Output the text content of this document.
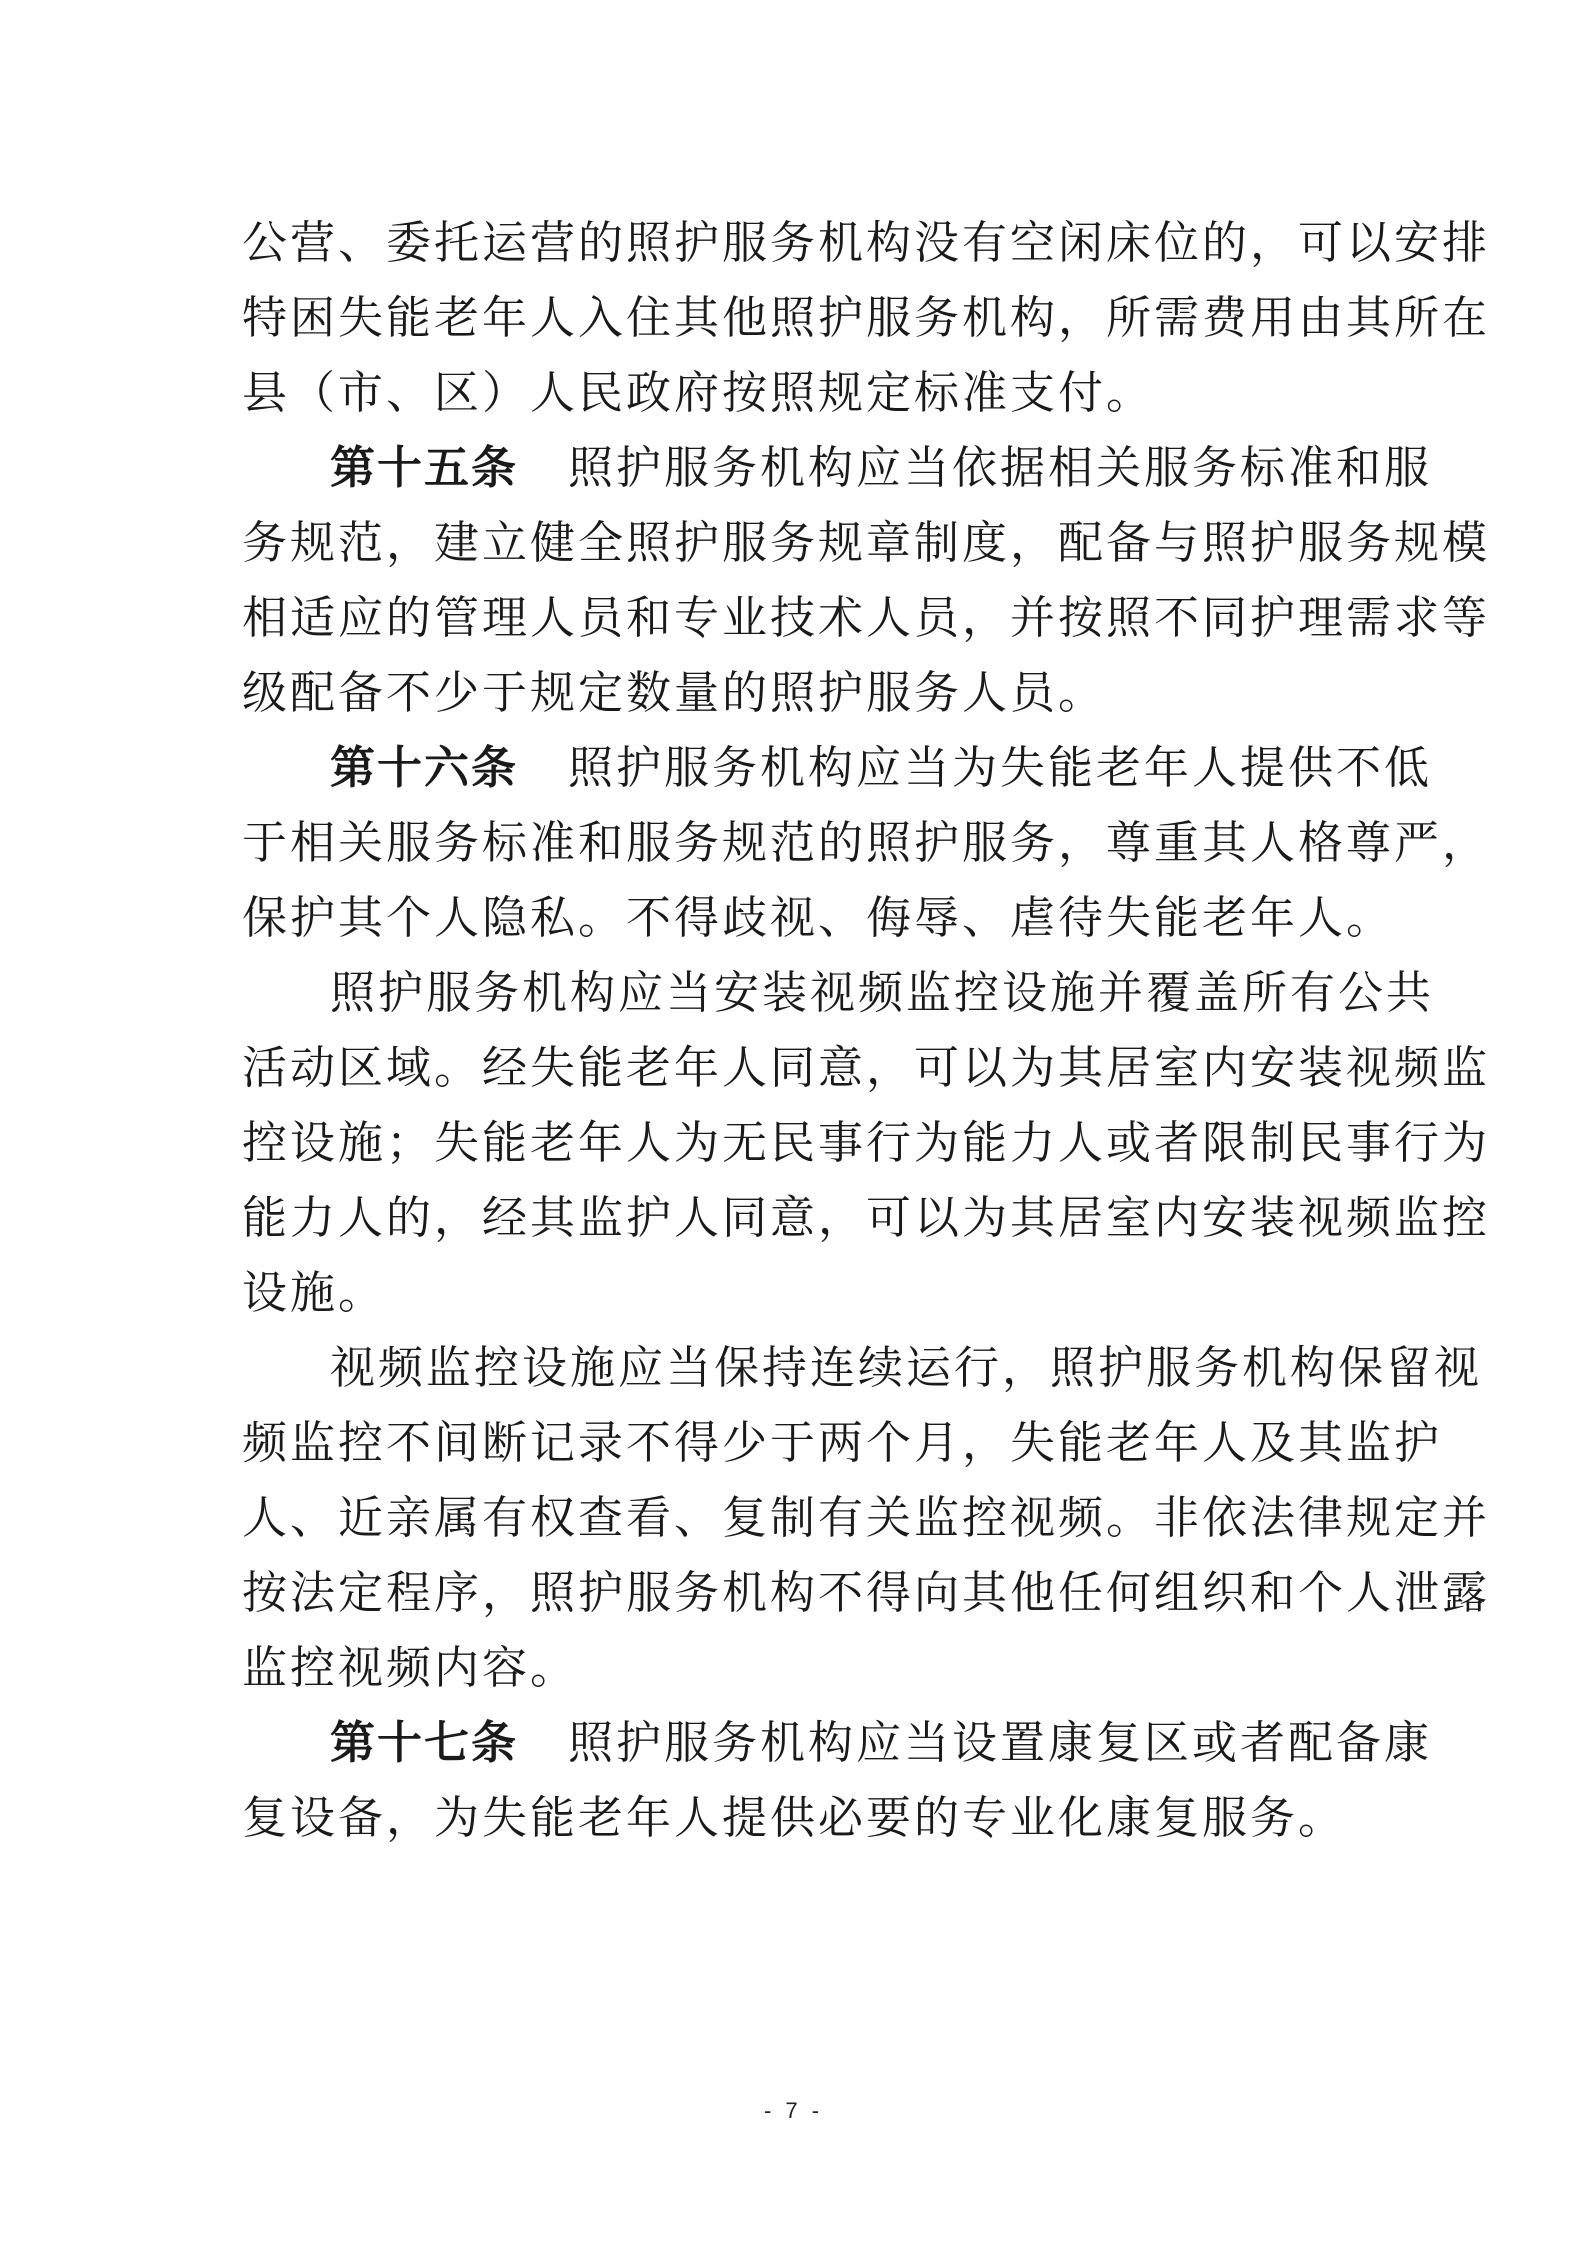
公营、委托运营的照护服务机构没有空闲床位的，可以安排
特困失能老年人入住其他照护服务机构，所需费用由其所在
县（市、区）人民政府按照规定标准支付。
第十五条 照护服务机构应当依据相关服务标准和服
务规范，建立健全照护服务规章制度，配备与照护服务规模
相适应的管理人员和专业技术人员，并按照不同护理需求等
级配备不少于规定数量的照护服务人员。
第十六条 照护服务机构应当为失能老年人提供不低
于相关服务标准和服务规范的照护服务，尊重其人格尊严，
保护其个人隐私。不得歧视、侮辱、虐待失能老年人。
照护服务机构应当安装视频监控设施并覆盖所有公共
活动区域。经失能老年人同意，可以为其居室内安装视频监
控设施；失能老年人为无民事行为能力人或者限制民事行为
能力人的，经其监护人同意，可以为其居室内安装视频监控
设施。
视频监控设施应当保持连续运行，照护服务机构保留视
频监控不间断记录不得少于两个月，失能老年人及其监护
人、近亲属有权查看、复制有关监控视频。非依法律规定并
按法定程序，照护服务机构不得向其他任何组织和个人泄露
监控视频内容。
第十七条 照护服务机构应当设置康复区或者配备康
复设备，为失能老年人提供必要的专业化康复服务。
- 7 -
